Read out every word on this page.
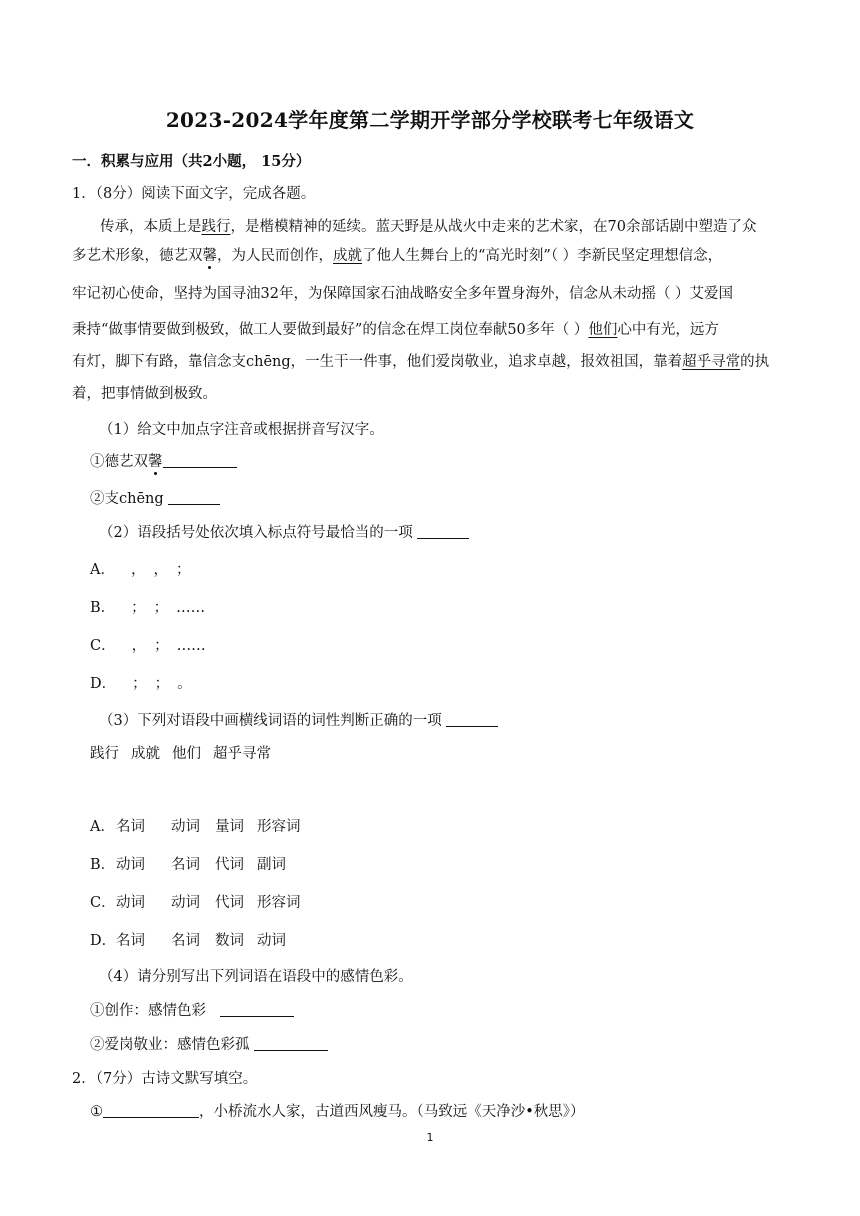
2023-2024学年度第二学期开学部分学校联考七年级语文
一．积累与应用（共2小题， 15分）
1．（8分）阅读下面文字，完成各题。
传承，本质上是践行，是楷模精神的延续。蓝天野是从战火中走来的艺术家，在70余部话剧中塑造了众
多艺术形象，德艺双馨，为人民而创作，成就了他人生舞台上的“高光时刻”（ ）李新民坚定理想信念，
牢记初心使命，坚持为国寻油32年，为保障国家石油战略安全多年置身海外，信念从未动摇（ ）艾爱国
秉持“做事情要做到极致，做工人要做到最好”的信念在焊工岗位奉献50多年（ ）他们心中有光，远方
有灯，脚下有路，靠信念支chēng，一生干一件事，他们爱岗敬业，追求卓越，报效祖国，靠着超乎寻常的执
着，把事情做到极致。
（1）给文中加点字注音或根据拼音写汉字。
①德艺双馨
②支chēng
（2）语段括号处依次填入标点符号最恰当的一项
A． ， ， ；
B． ； ； ……
C． ， ； ……
D． ； ； 。
（3）下列对语段中画横线词语的词性判断正确的一项
践行 成就 他们 超乎寻常
A．名词 动词 量词 形容词
B．动词 名词 代词 副词
C．动词 动词 代词 形容词
D．名词 名词 数词 动词
（4）请分别写出下列词语在语段中的感情色彩。
①创作：感情色彩
②爱岗敬业：感情色彩孤
2．（7分）古诗文默写填空。
①	，小桥流水人家，古道西风瘦马。（马致远《天净沙•秋思》）
1
